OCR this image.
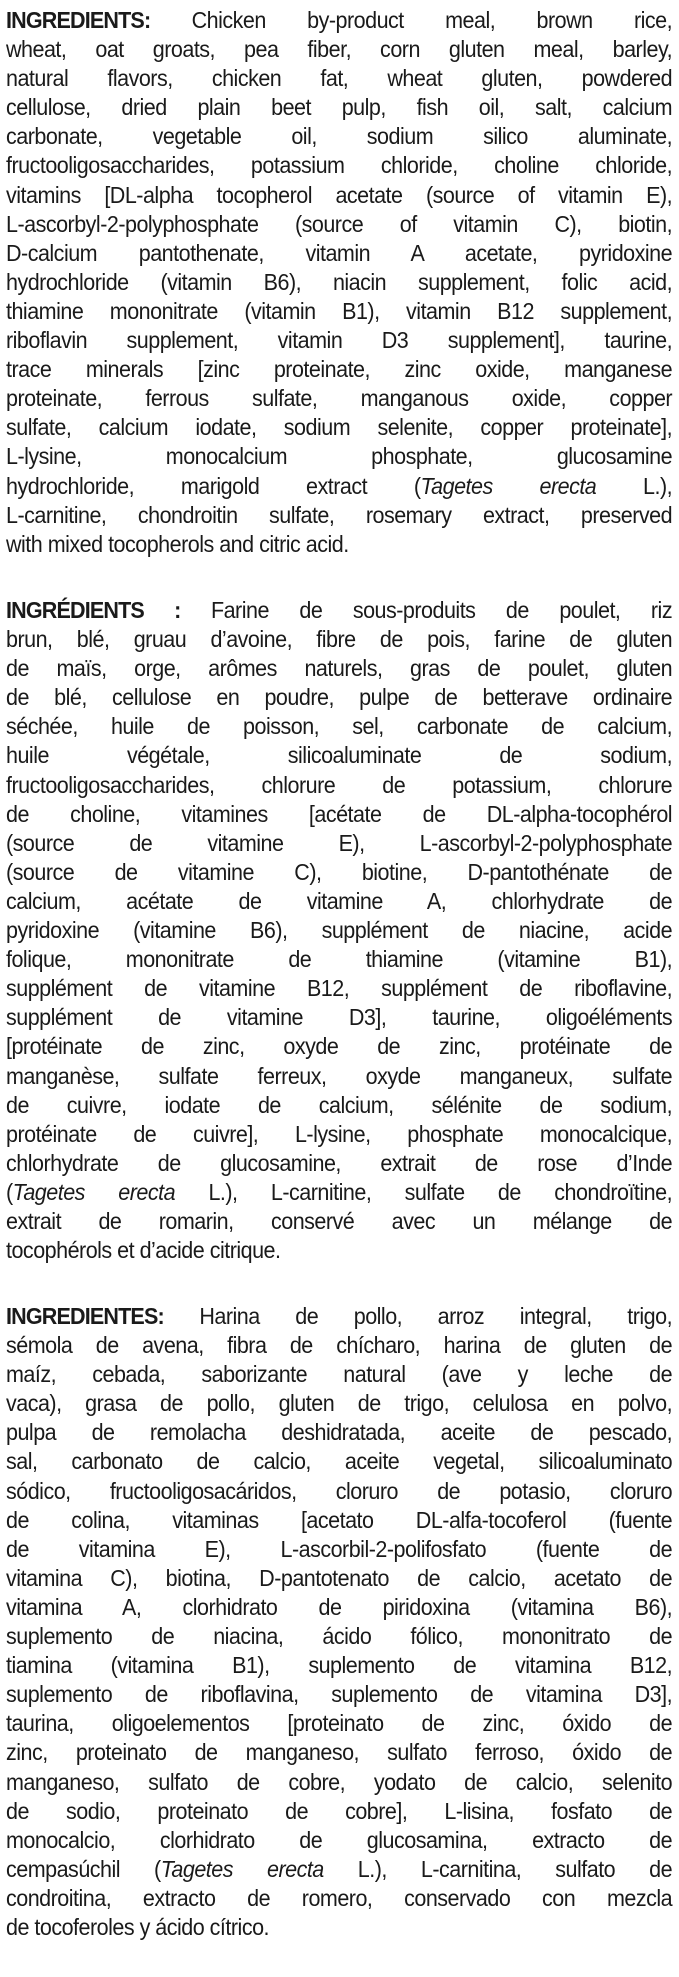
INGREDIENTS: Chicken by-product meal, brown rice,
wheat, oat groats, pea fiber, corn gluten meal, barley,
natural flavors, chicken fat, wheat gluten, powdered
cellulose, dried plain beet pulp, fish oil, salt, calcium
carbonate, vegetable oil, sodium silico aluminate,
fructooligosaccharides, potassium chloride, choline chloride,
vitamins [DL-alpha tocopherol acetate (source of vitamin E),
L-ascorbyl-2-polyphosphate (source of vitamin C), biotin,
D-calcium pantothenate, vitamin A acetate, pyridoxine
hydrochloride (vitamin B6), niacin supplement, folic acid,
thiamine mononitrate (vitamin B1), vitamin B12 supplement,
riboflavin supplement, vitamin D3 supplement], taurine,
trace minerals [zinc proteinate, zinc oxide, manganese
proteinate, ferrous sulfate, manganous oxide, copper
sulfate, calcium iodate, sodium selenite, copper proteinate],
L-lysine, monocalcium phosphate, glucosamine
hydrochloride, marigold extract (Tagetes erecta L.),
L-carnitine, chondroitin sulfate, rosemary extract, preserved
with mixed tocopherols and citric acid.
INGRÉDIENTS : Farine de sous-produits de poulet, riz
brun, blé, gruau d’avoine, fibre de pois, farine de gluten
de maïs, orge, arômes naturels, gras de poulet, gluten
de blé, cellulose en poudre, pulpe de betterave ordinaire
séchée, huile de poisson, sel, carbonate de calcium,
huile végétale, silicoaluminate de sodium,
fructooligosaccharides, chlorure de potassium, chlorure
de choline, vitamines [acétate de DL-alpha-tocophérol
(source de vitamine E), L-ascorbyl-2-polyphosphate
(source de vitamine C), biotine, D-pantothénate de
calcium, acétate de vitamine A, chlorhydrate de
pyridoxine (vitamine B6), supplément de niacine, acide
folique, mononitrate de thiamine (vitamine B1),
supplément de vitamine B12, supplément de riboflavine,
supplément de vitamine D3], taurine, oligoéléments
[protéinate de zinc, oxyde de zinc, protéinate de
manganèse, sulfate ferreux, oxyde manganeux, sulfate
de cuivre, iodate de calcium, sélénite de sodium,
protéinate de cuivre], L-lysine, phosphate monocalcique,
chlorhydrate de glucosamine, extrait de rose d’Inde
(Tagetes erecta L.), L-carnitine, sulfate de chondroïtine,
extrait de romarin, conservé avec un mélange de
tocophérols et d’acide citrique.
INGREDIENTES: Harina de pollo, arroz integral, trigo,
sémola de avena, fibra de chícharo, harina de gluten de
maíz, cebada, saborizante natural (ave y leche de
vaca), grasa de pollo, gluten de trigo, celulosa en polvo,
pulpa de remolacha deshidratada, aceite de pescado,
sal, carbonato de calcio, aceite vegetal, silicoaluminato
sódico, fructooligosacáridos, cloruro de potasio, cloruro
de colina, vitaminas [acetato DL-alfa-tocoferol (fuente
de vitamina E), L-ascorbil-2-polifosfato (fuente de
vitamina C), biotina, D-pantotenato de calcio, acetato de
vitamina A, clorhidrato de piridoxina (vitamina B6),
suplemento de niacina, ácido fólico, mononitrato de
tiamina (vitamina B1), suplemento de vitamina B12,
suplemento de riboflavina, suplemento de vitamina D3],
taurina, oligoelementos [proteinato de zinc, óxido de
zinc, proteinato de manganeso, sulfato ferroso, óxido de
manganeso, sulfato de cobre, yodato de calcio, selenito
de sodio, proteinato de cobre], L-lisina, fosfato de
monocalcio, clorhidrato de glucosamina, extracto de
cempasúchil (Tagetes erecta L.), L-carnitina, sulfato de
condroitina, extracto de romero, conservado con mezcla
de tocoferoles y ácido cítrico.
